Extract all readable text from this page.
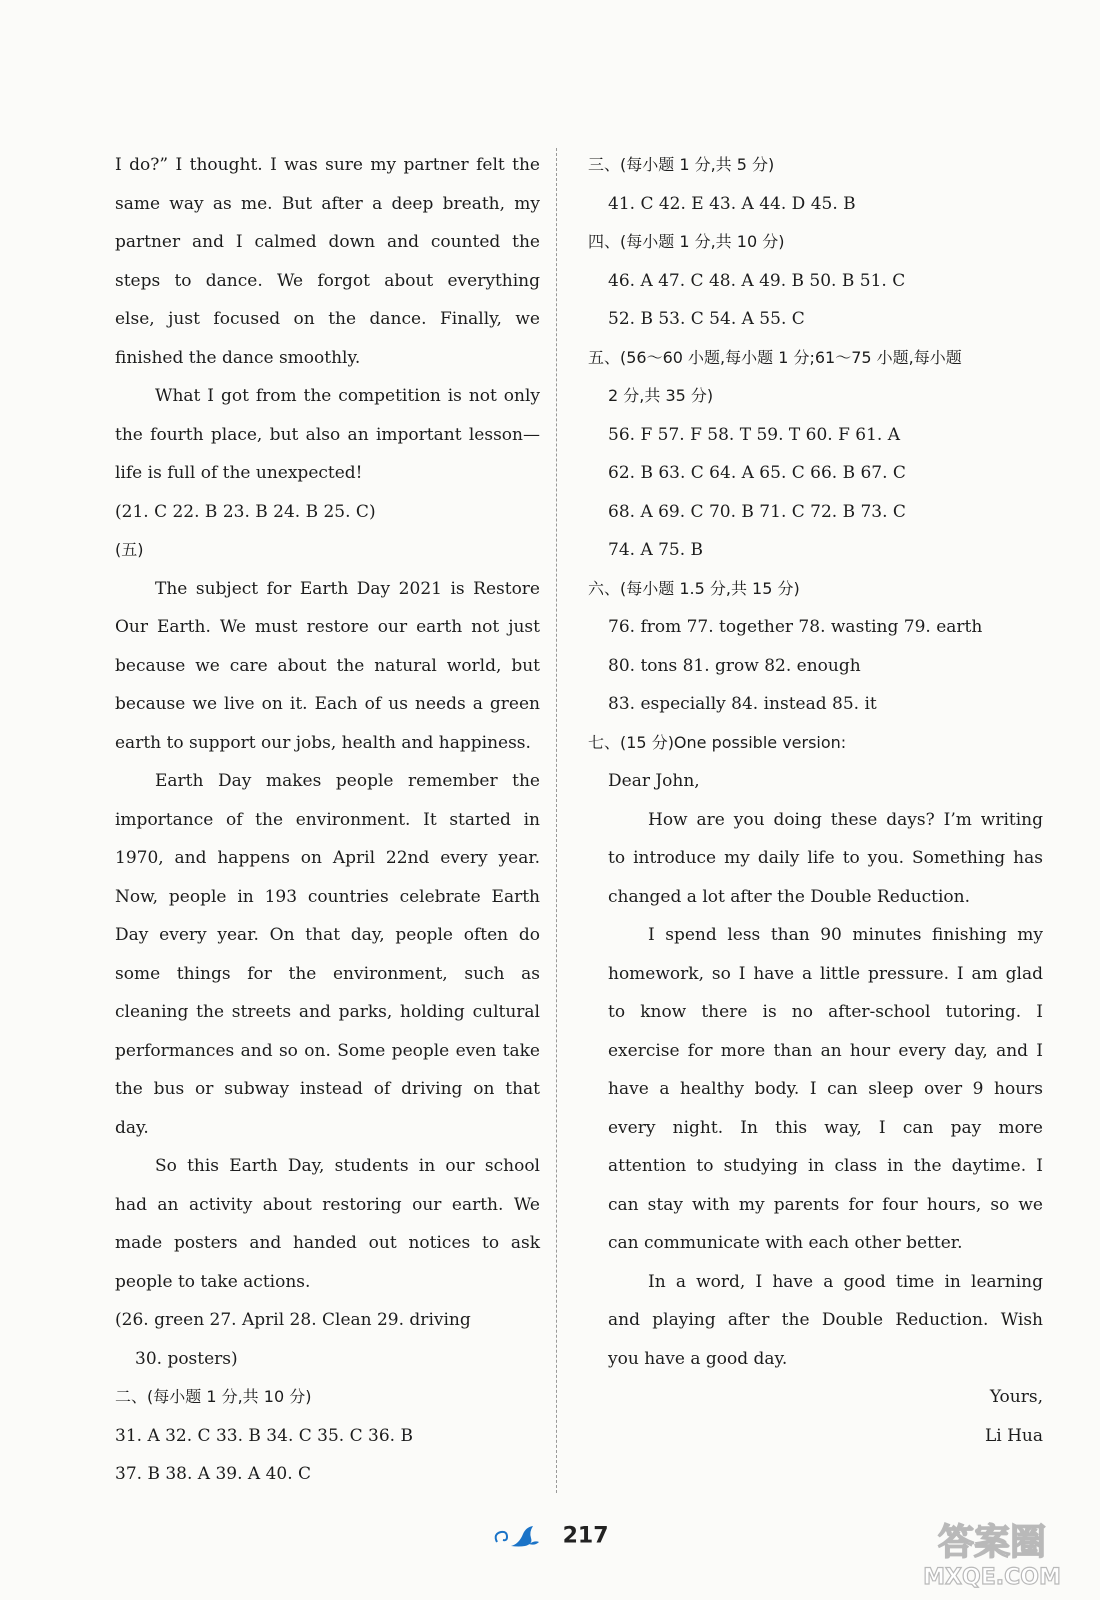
I do?” I thought. I was sure my partner felt the

same way as me. But after a deep breath, my

partner and I calmed down and counted the

steps to dance. We forgot about everything

else, just focused on the dance. Finally, we

finished the dance smoothly.

What I got from the competition is not only

the fourth place, but also an important lesson—

life is full of the unexpected!

(21. C 22. B 23. B 24. B 25. C)
(五)

The subject for Earth Day 2021 is Restore

Our Earth. We must restore our earth not just

because we care about the natural world, but

because we live on it. Each of us needs a green

earth to support our jobs, health and happiness.

Earth Day makes people remember the

importance of the environment. It started in

1970, and happens on April 22nd every year.

Now, people in 193 countries celebrate Earth

Day every year. On that day, people often do

some things for the environment, such as

cleaning the streets and parks, holding cultural

performances and so on. Some people even take

the bus or subway instead of driving on that

day.

So this Earth Day, students in our school

had an activity about restoring our earth. We

made posters and handed out notices to ask

people to take actions.

(26. green 27. April 28. Clean 29. driving
30. posters)
二、(每小题 1 分,共 10 分)
31. A 32. C 33. B 34. C 35. C 36. B
37. B 38. A 39. A 40. C
三、(每小题 1 分,共 5 分)
41. C 42. E 43. A 44. D 45. B
四、(每小题 1 分,共 10 分)
46. A 47. C 48. A 49. B 50. B 51. C
52. B 53. C 54. A 55. C
五、(56～60 小题,每小题 1 分;61～75 小题,每小题
2 分,共 35 分)
56. F 57. F 58. T 59. T 60. F 61. A
62. B 63. C 64. A 65. C 66. B 67. C
68. A 69. C 70. B 71. C 72. B 73. C
74. A 75. B
六、(每小题 1.5 分,共 15 分)
76. from 77. together 78. wasting 79. earth
80. tons 81. grow 82. enough
83. especially 84. instead 85. it
七、(15 分)One possible version:
Dear John,

How are you doing these days? I’m writing

to introduce my daily life to you. Something has

changed a lot after the Double Reduction.

I spend less than 90 minutes finishing my

homework, so I have a little pressure. I am glad

to know there is no after-school tutoring. I

exercise for more than an hour every day, and I

have a healthy body. I can sleep over 9 hours

every night. In this way, I can pay more

attention to studying in class in the daytime. I

can stay with my parents for four hours, so we

can communicate with each other better.

In a word, I have a good time in learning

and playing after the Double Reduction. Wish

you have a good day.

Yours,
Li Hua
217	答案圈
MXQE.COM
